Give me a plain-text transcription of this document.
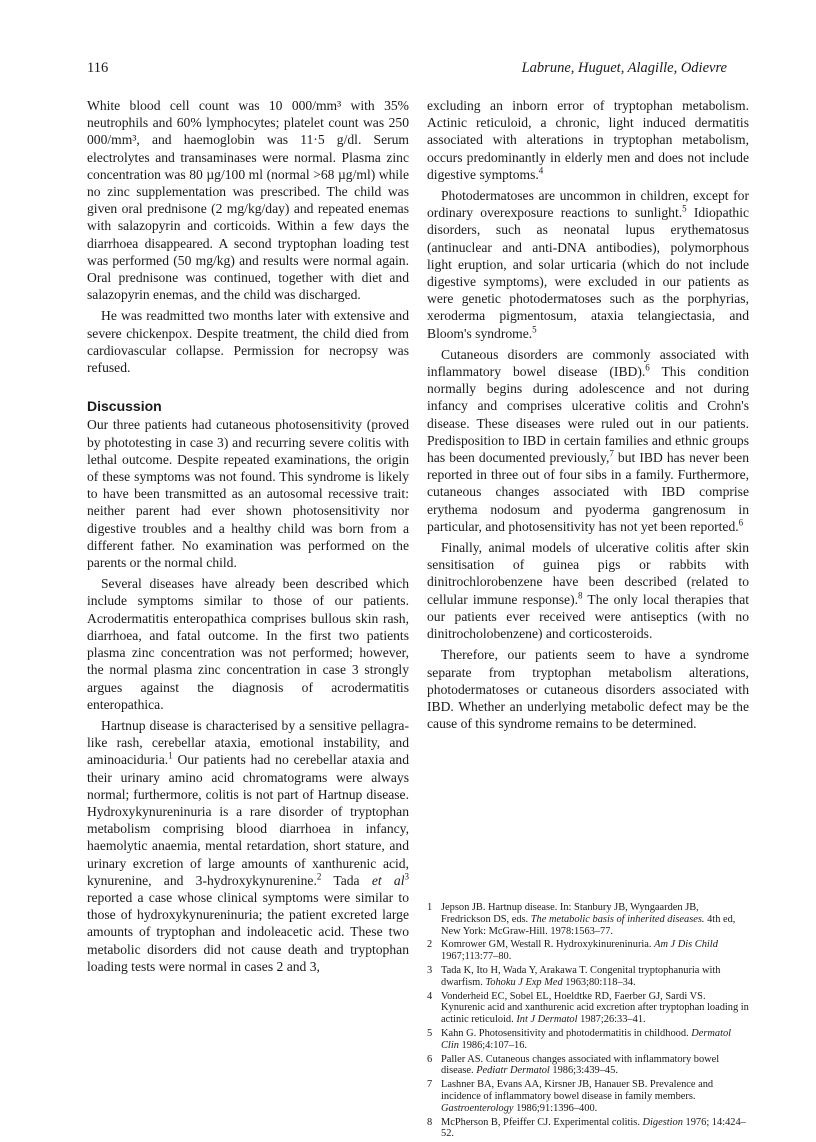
116	Labrune, Huguet, Alagille, Odievre

White blood cell count was 10 000/mm³ with 35% neutrophils and 60% lymphocytes; platelet count was 250 000/mm³, and haemoglobin was 11·5 g/dl. Serum electrolytes and transaminases were normal. Plasma zinc concentration was 80 µg/100 ml (normal >68 µg/ml) while no zinc supplementation was prescribed. The child was given oral prednisone (2 mg/kg/day) and repeated enemas with salazopyrin and corticoids. Within a few days the diarrhoea disappeared. A second tryptophan loading test was performed (50 mg/kg) and results were normal again. Oral prednisone was continued, together with diet and salazopyrin enemas, and the child was discharged.

He was readmitted two months later with extensive and severe chickenpox. Despite treatment, the child died from cardiovascular collapse. Permission for necropsy was refused.

Discussion

Our three patients had cutaneous photosensitivity (proved by phototesting in case 3) and recurring severe colitis with lethal outcome. Despite repeated examinations, the origin of these symptoms was not found. This syndrome is likely to have been transmitted as an autosomal recessive trait: neither parent had ever shown photosensitivity nor digestive troubles and a healthy child was born from a different father. No examination was performed on the parents or the normal child.

Several diseases have already been described which include symptoms similar to those of our patients. Acrodermatitis enteropathica comprises bullous skin rash, diarrhoea, and fatal outcome. In the first two patients plasma zinc concentration was not performed; however, the normal plasma zinc concentration in case 3 strongly argues against the diagnosis of acrodermatitis enteropathica.

Hartnup disease is characterised by a sensitive pellagra-like rash, cerebellar ataxia, emotional instability, and aminoaciduria.$^1$ Our patients had no cerebellar ataxia and their urinary amino acid chromatograms were always normal; furthermore, colitis is not part of Hartnup disease. Hydroxykynureninuria is a rare disorder of tryptophan metabolism comprising blood diarrhoea in infancy, haemolytic anaemia, mental retardation, short stature, and urinary excretion of large amounts of xanthurenic acid, kynurenine, and 3-hydroxykynurenine.$^2$ Tada et $al^3$ reported a case whose clinical symptoms were similar to those of hydroxykynureninuria; the patient excreted large amounts of tryptophan and indoleacetic acid. These two metabolic disorders did not cause death and tryptophan loading tests were normal in cases 2 and 3,

excluding an inborn error of tryptophan metabolism. Actinic reticuloid, a chronic, light induced dermatitis associated with alterations in tryptophan metabolism, occurs predominantly in elderly men and does not include digestive symptoms.$^4$

Photodermatoses are uncommon in children, except for ordinary overexposure reactions to sunlight.$^5$ Idiopathic disorders, such as neonatal lupus erythematosus (antinuclear and anti-DNA antibodies), polymorphous light eruption, and solar urticaria (which do not include digestive symptoms), were excluded in our patients as were genetic photodermatoses such as the porphyrias, xeroderma pigmentosum, ataxia telangiectasia, and Bloom's syndrome.$^5$

Cutaneous disorders are commonly associated with inflammatory bowel disease (IBD).$^6$ This condition normally begins during adolescence and not during infancy and comprises ulcerative colitis and Crohn's disease. These diseases were ruled out in our patients. Predisposition to IBD in certain families and ethnic groups has been documented previously,$^7$ but IBD has never been reported in three out of four sibs in a family. Furthermore, cutaneous changes associated with IBD comprise erythema nodosum and pyoderma gangrenosum in particular, and photosensitivity has not yet been reported.$^6$

Finally, animal models of ulcerative colitis after skin sensitisation of guinea pigs or rabbits with dinitrochlorobenzene have been described (related to cellular immune response).$^8$ The only local therapies that our patients ever received were antiseptics (with no dinitrocholobenzene) and corticosteroids.

Therefore, our patients seem to have a syndrome separate from tryptophan metabolism alterations, photodermatoses or cutaneous disorders associated with IBD. Whether an underlying metabolic defect may be the cause of this syndrome remains to be determined.

1 Jepson JB. Hartnup disease. In: Stanbury JB, Wyngaarden JB, Fredrickson DS, eds. The metabolic basis of inherited diseases. 4th ed, New York: McGraw-Hill. 1978:1563–77.
2 Komrower GM, Westall R. Hydroxykinureninuria. Am J Dis Child 1967;113:77–80.
3 Tada K, Ito H, Wada Y, Arakawa T. Congenital tryptophanuria with dwarfism. Tohoku J Exp Med 1963;80:118–34.
4 Vonderheid EC, Sobel EL, Hoeldtke RD, Faerber GJ, Sardi VS. Kynurenic acid and xanthurenic acid excretion after tryptophan loading in actinic reticuloid. Int J Dermatol 1987;26:33–41.
5 Kahn G. Photosensitivity and photodermatitis in childhood. Dermatol Clin 1986;4:107–16.
6 Paller AS. Cutaneous changes associated with inflammatory bowel disease. Pediatr Dermatol 1986;3:439–45.
7 Lashner BA, Evans AA, Kirsner JB, Hanauer SB. Prevalence and incidence of inflammatory bowel disease in family members. Gastroenterology 1986;91:1396–400.
8 McPherson B, Pfeiffer CJ. Experimental colitis. Digestion 1976; 14:424–52.
